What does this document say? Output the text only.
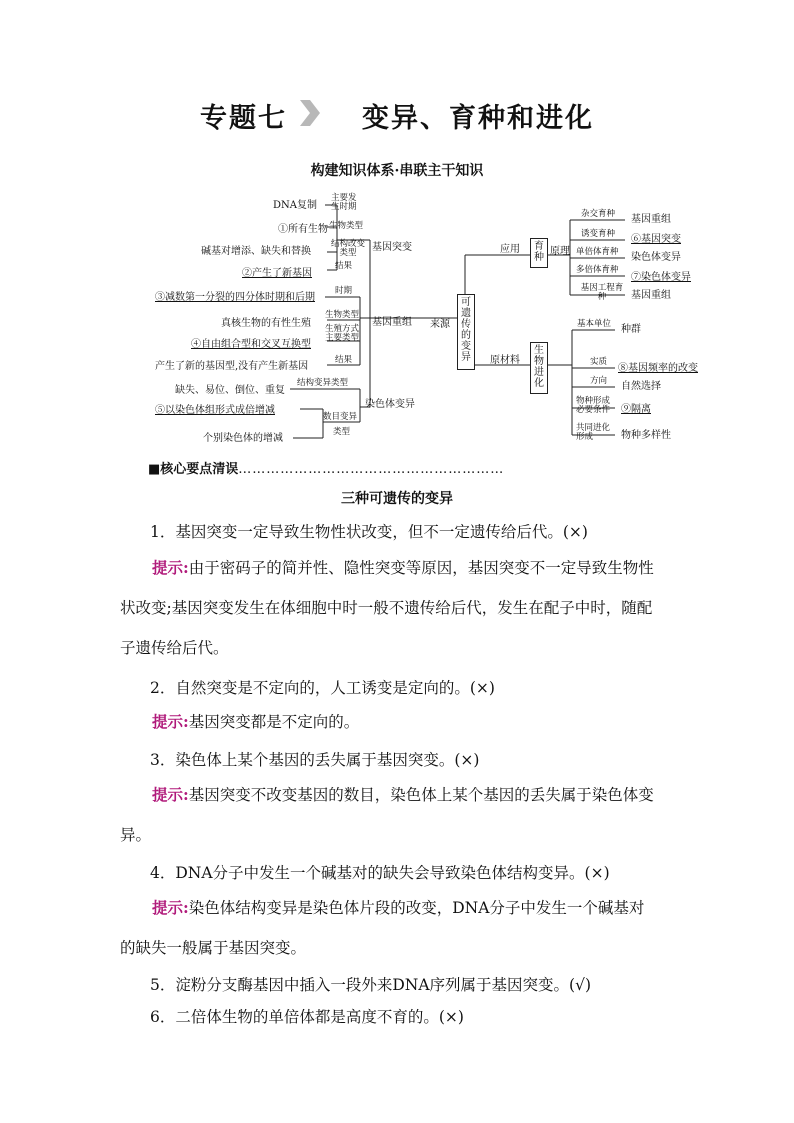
专题七	变异、育种和进化
构建知识体系·串联主干知识
可遗传的变异
来源
基因突变
DNA复制
主要发生时期
①所有生物 生物类型
碱基对增添、缺失和替换
结构改变类型
②产生了新基因
结果
基因重组
③减数第一分裂的四分体时期和后期
时期
真核生物的有性生殖
生物类型
④自由组合型和交叉互换型
生殖方式 主要类型
产生了新的基因型,没有产生新基因
结果
染色体变异
缺失、易位、倒位、重复
结构变异类型
⑤以染色体组形式成倍增减
数目变异
个别染色体的增减
类型
应用	育种
原理
杂交育种 基因重组
诱变育种 ⑥基因突变
单倍体育种 染色体变异
多倍体育种
⑦染色体变异
基因工程育种	基因重组
原材料
生物进化
基本单位 种群
实质
⑧基因频率的改变
方向 自然选择
物种形成必要条件	⑨隔离
共同进化形成	物种多样性
■核心要点清误…………………………………………………
三种可遗传的变异
1．基因突变一定导致生物性状改变，但不一定遗传给后代。(×)
提示:由于密码子的简并性、隐性突变等原因，基因突变不一定导致生物性
状改变;基因突变发生在体细胞中时一般不遗传给后代，发生在配子中时，随配
子遗传给后代。
2．自然突变是不定向的，人工诱变是定向的。(×)
提示:基因突变都是不定向的。
3．染色体上某个基因的丢失属于基因突变。(×)
提示:基因突变不改变基因的数目，染色体上某个基因的丢失属于染色体变
异。
4．DNA分子中发生一个碱基对的缺失会导致染色体结构变异。(×)
提示:染色体结构变异是染色体片段的改变，DNA分子中发生一个碱基对
的缺失一般属于基因突变。
5．淀粉分支酶基因中插入一段外来DNA序列属于基因突变。(√)
6．二倍体生物的单倍体都是高度不育的。(×)
